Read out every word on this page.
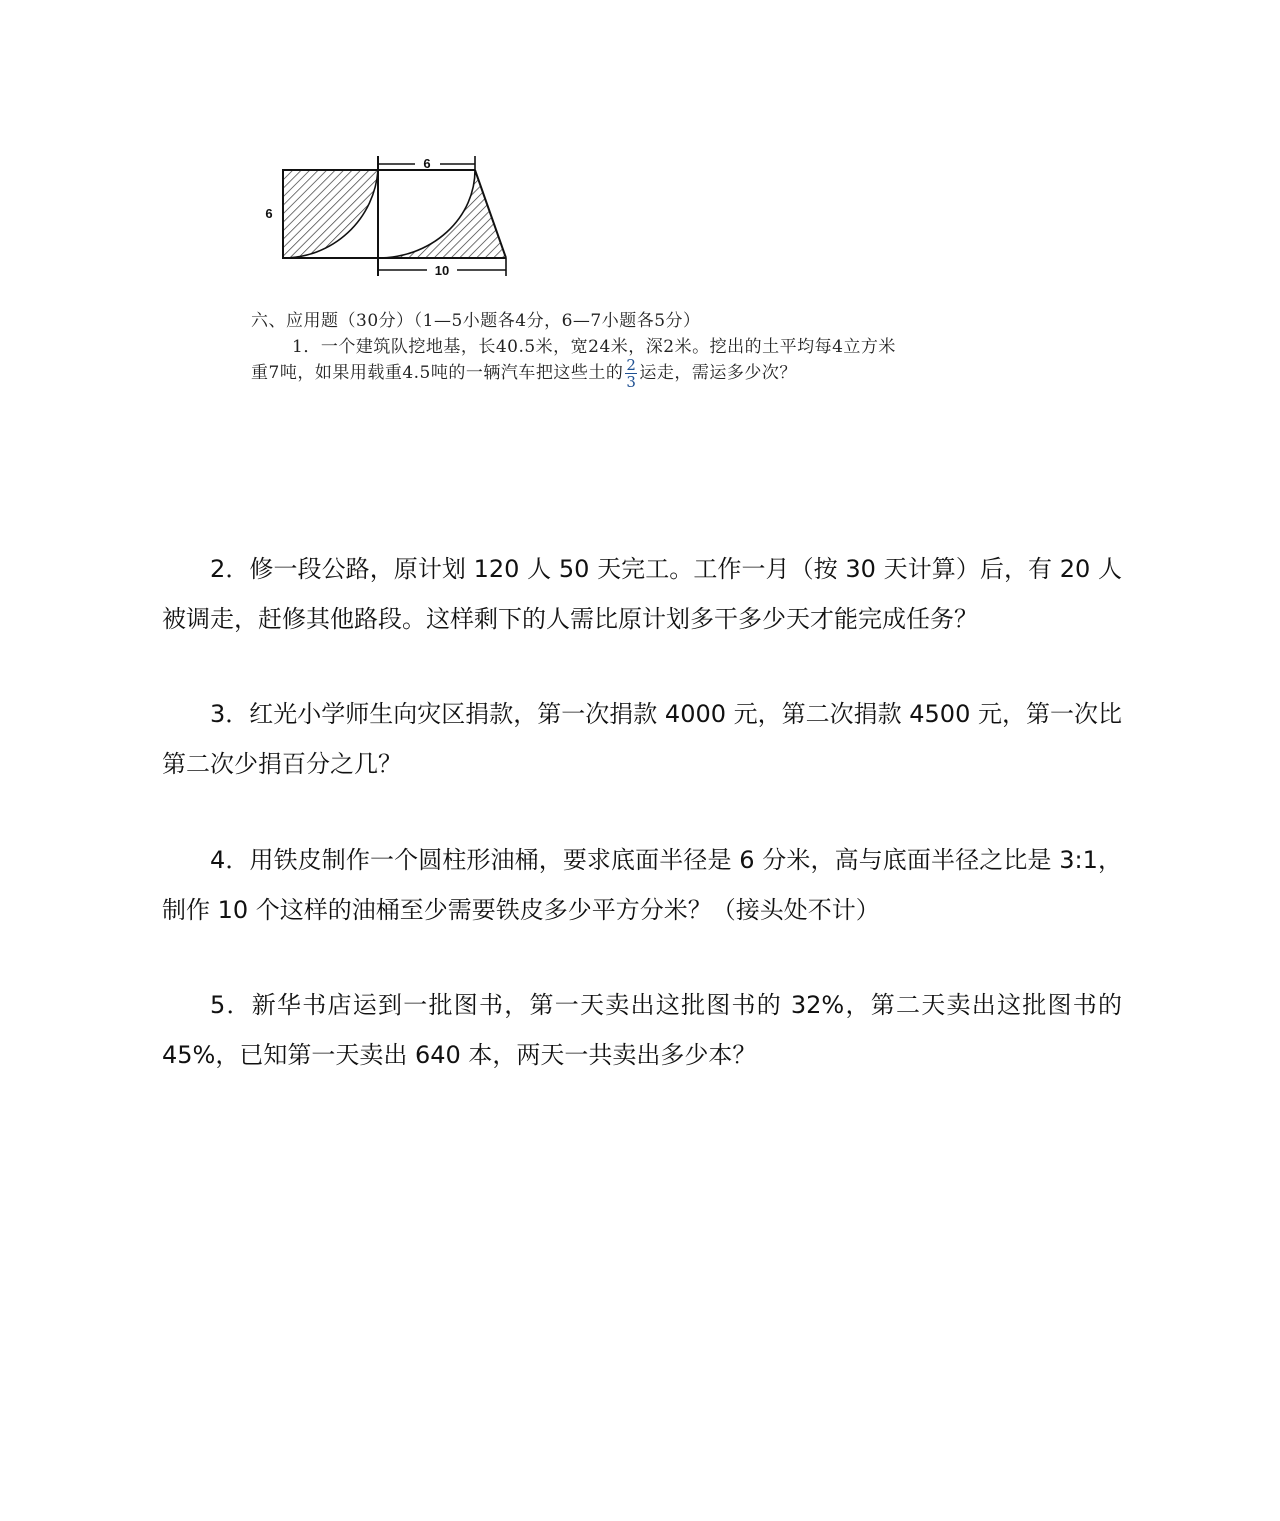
6
6
10
六、应用题（30分）（1—5小题各4分，6—7小题各5分）
1．一个建筑队挖地基，长40.5米，宽24米，深2米。挖出的土平均每4立方米
重7吨，如果用载重4.5吨的一辆汽车把这些土的 $\frac{2}{3}$ 运走，需运多少次？
2．修一段公路，原计划 120 人 50 天完工。工作一月（按 30 天计算）后，有 20 人被调走，赶修其他路段。这样剩下的人需比原计划多干多少天才能完成任务？
3．红光小学师生向灾区捐款，第一次捐款 4000 元，第二次捐款 4500 元，第一次比第二次少捐百分之几？
4．用铁皮制作一个圆柱形油桶，要求底面半径是 6 分米，高与底面半径之比是 3:1，制作 10 个这样的油桶至少需要铁皮多少平方分米？（接头处不计）
5．新华书店运到一批图书，第一天卖出这批图书的 32%，第二天卖出这批图书的 45%，已知第一天卖出 640 本，两天一共卖出多少本？
